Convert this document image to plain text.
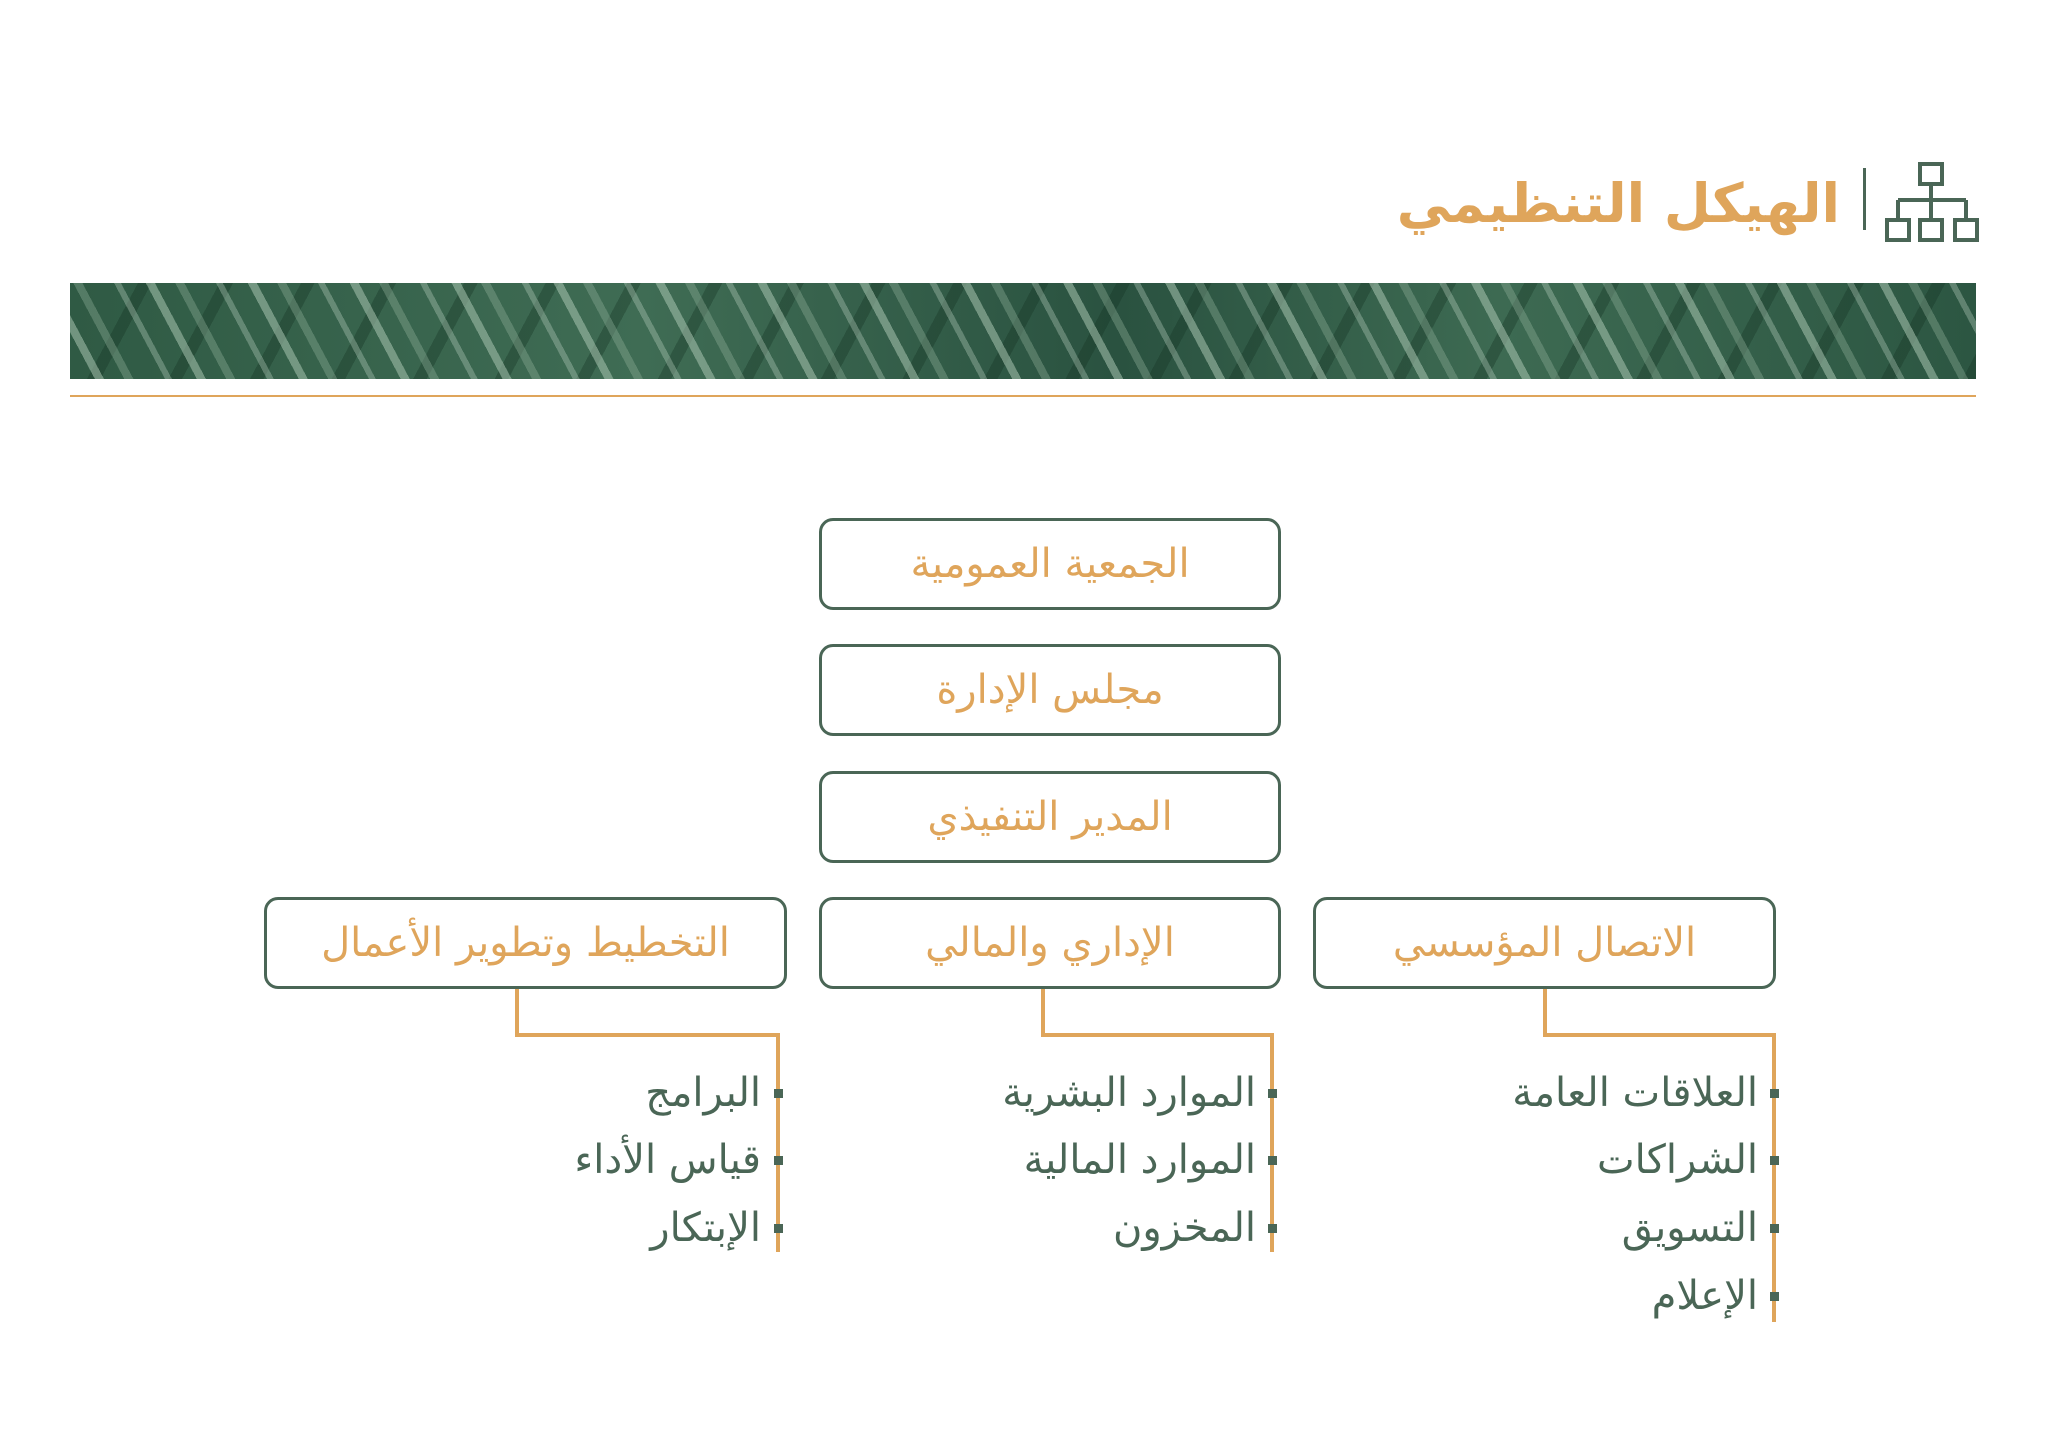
الهيكل التنظيمي
الجمعية العمومية
مجلس الإدارة
المدير التنفيذي
الاتصال المؤسسي
الإداري والمالي
التخطيط وتطوير الأعمال
العلاقات العامة
الشراكات
التسويق
الإعلام
الموارد البشرية
الموارد المالية
المخزون
البرامج
قياس الأداء
الإبتكار
